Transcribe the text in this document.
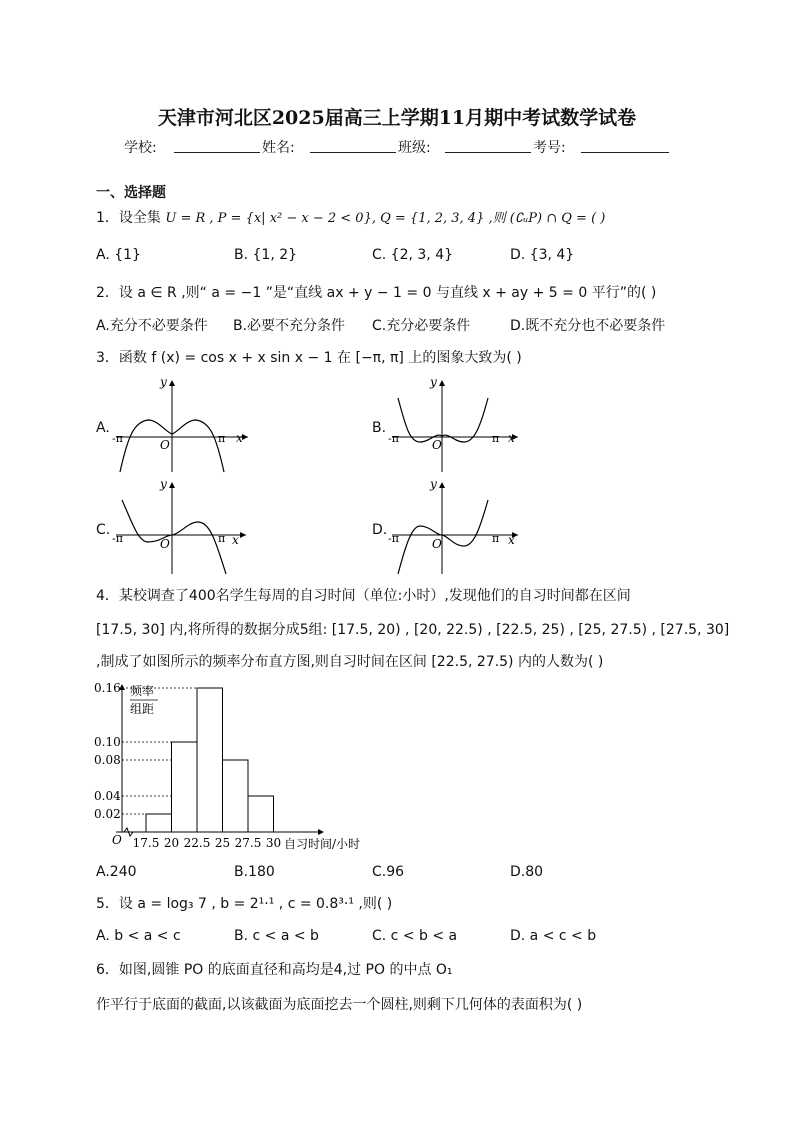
天津市河北区2025届高三上学期11月期中考试数学试卷
学校:	姓名:	班级:	考号:
一、选择题
1．设全集 U = R , P = {x| x² − x − 2 < 0}, Q = {1, 2, 3, 4} ,则 (∁ᵤP) ∩ Q = ( )
A. {1}	B. {1, 2}	C. {2, 3, 4}	D. {3, 4}
2．设 a ∈ R ,则“ a = −1 ”是“直线 ax + y − 1 = 0 与直线 x + ay + 5 = 0 平行”的( )
A.充分不必要条件 B.必要不充分条件 C.充分必要条件	D.既不充分也不必要条件
3．函数 f (x) = cos x + x sin x − 1 在 [−π, π] 上的图象大致为( )
A.
y
x
O
-π	π
B.
y
x
O
-π	π
C.
y
x
O
-π	π
D.
y
x
O
-π	π
4．某校调查了400名学生每周的自习时间（单位:小时）,发现他们的自习时间都在区间
[17.5, 30] 内,将所得的数据分成5组: [17.5, 20) , [20, 22.5) , [22.5, 25) , [25, 27.5) , [27.5, 30]
,制成了如图所示的频率分布直方图,则自习时间在区间 [22.5, 27.5) 内的人数为( )
频率
组距
O	自习时间/小时
0.16
0.10
0.08
0.04
0.02
17.5 20 22.5 25 27.5 30
A.240	B.180	C.96	D.80
5．设 a = log₃ 7 , b = 2¹·¹ , c = 0.8³·¹ ,则( )
A. b < a < c	B. c < a < b	C. c < b < a	D. a < c < b
6．如图,圆锥 PO 的底面直径和高均是4,过 PO 的中点 O₁
作平行于底面的截面,以该截面为底面挖去一个圆柱,则剩下几何体的表面积为( )
